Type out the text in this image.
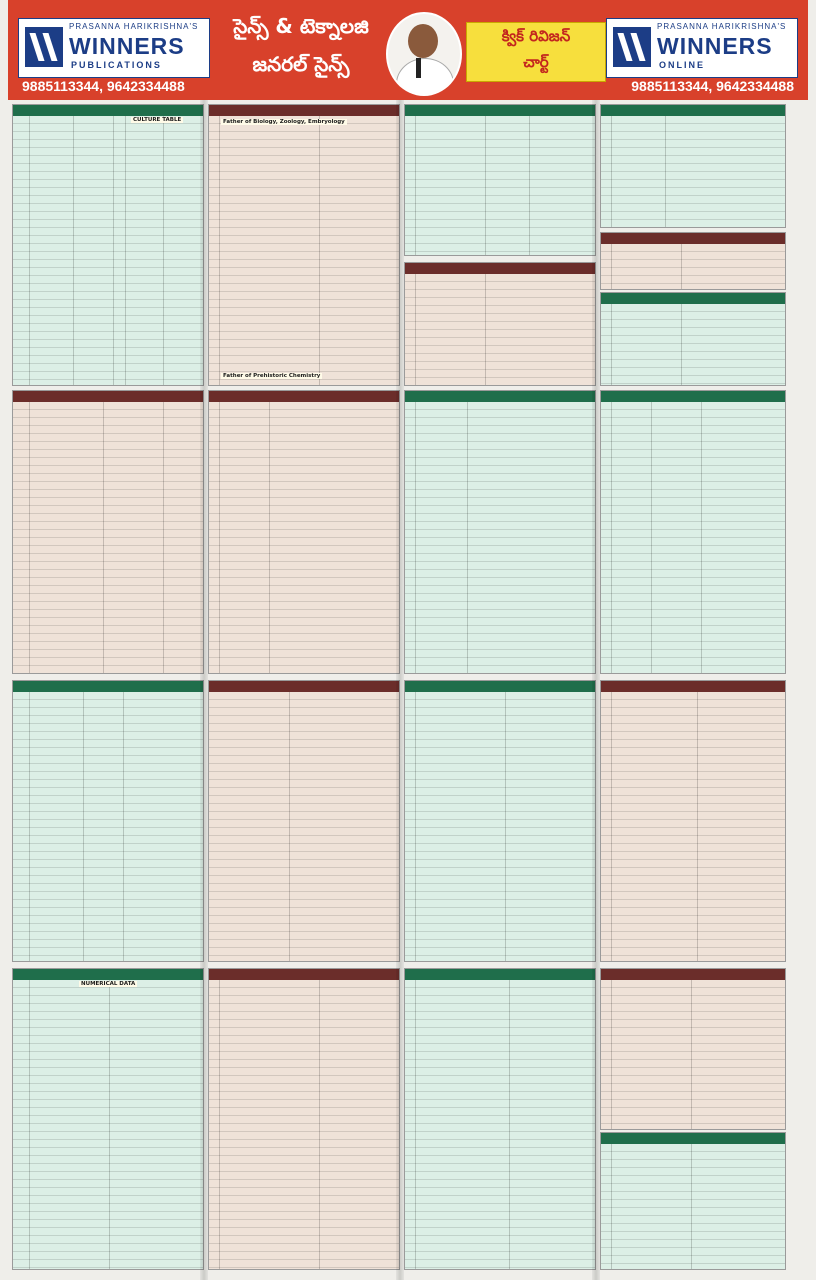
PRASANNA HARIKRISHNA'S
WINNERS
PUBLICATIONS
9885113344, 9642334488
సైన్స్ & టెక్నాలజి
జనరల్ సైన్స్
క్విక్ రివిజన్
చార్ట్
PRASANNA HARIKRISHNA'S
WINNERS
ONLINE
9885113344, 9642334488
CULTURE TABLE
NUMERICAL DATA
Father of Biology, Zoology, Embryology
Father of Prehistoric Chemistry
